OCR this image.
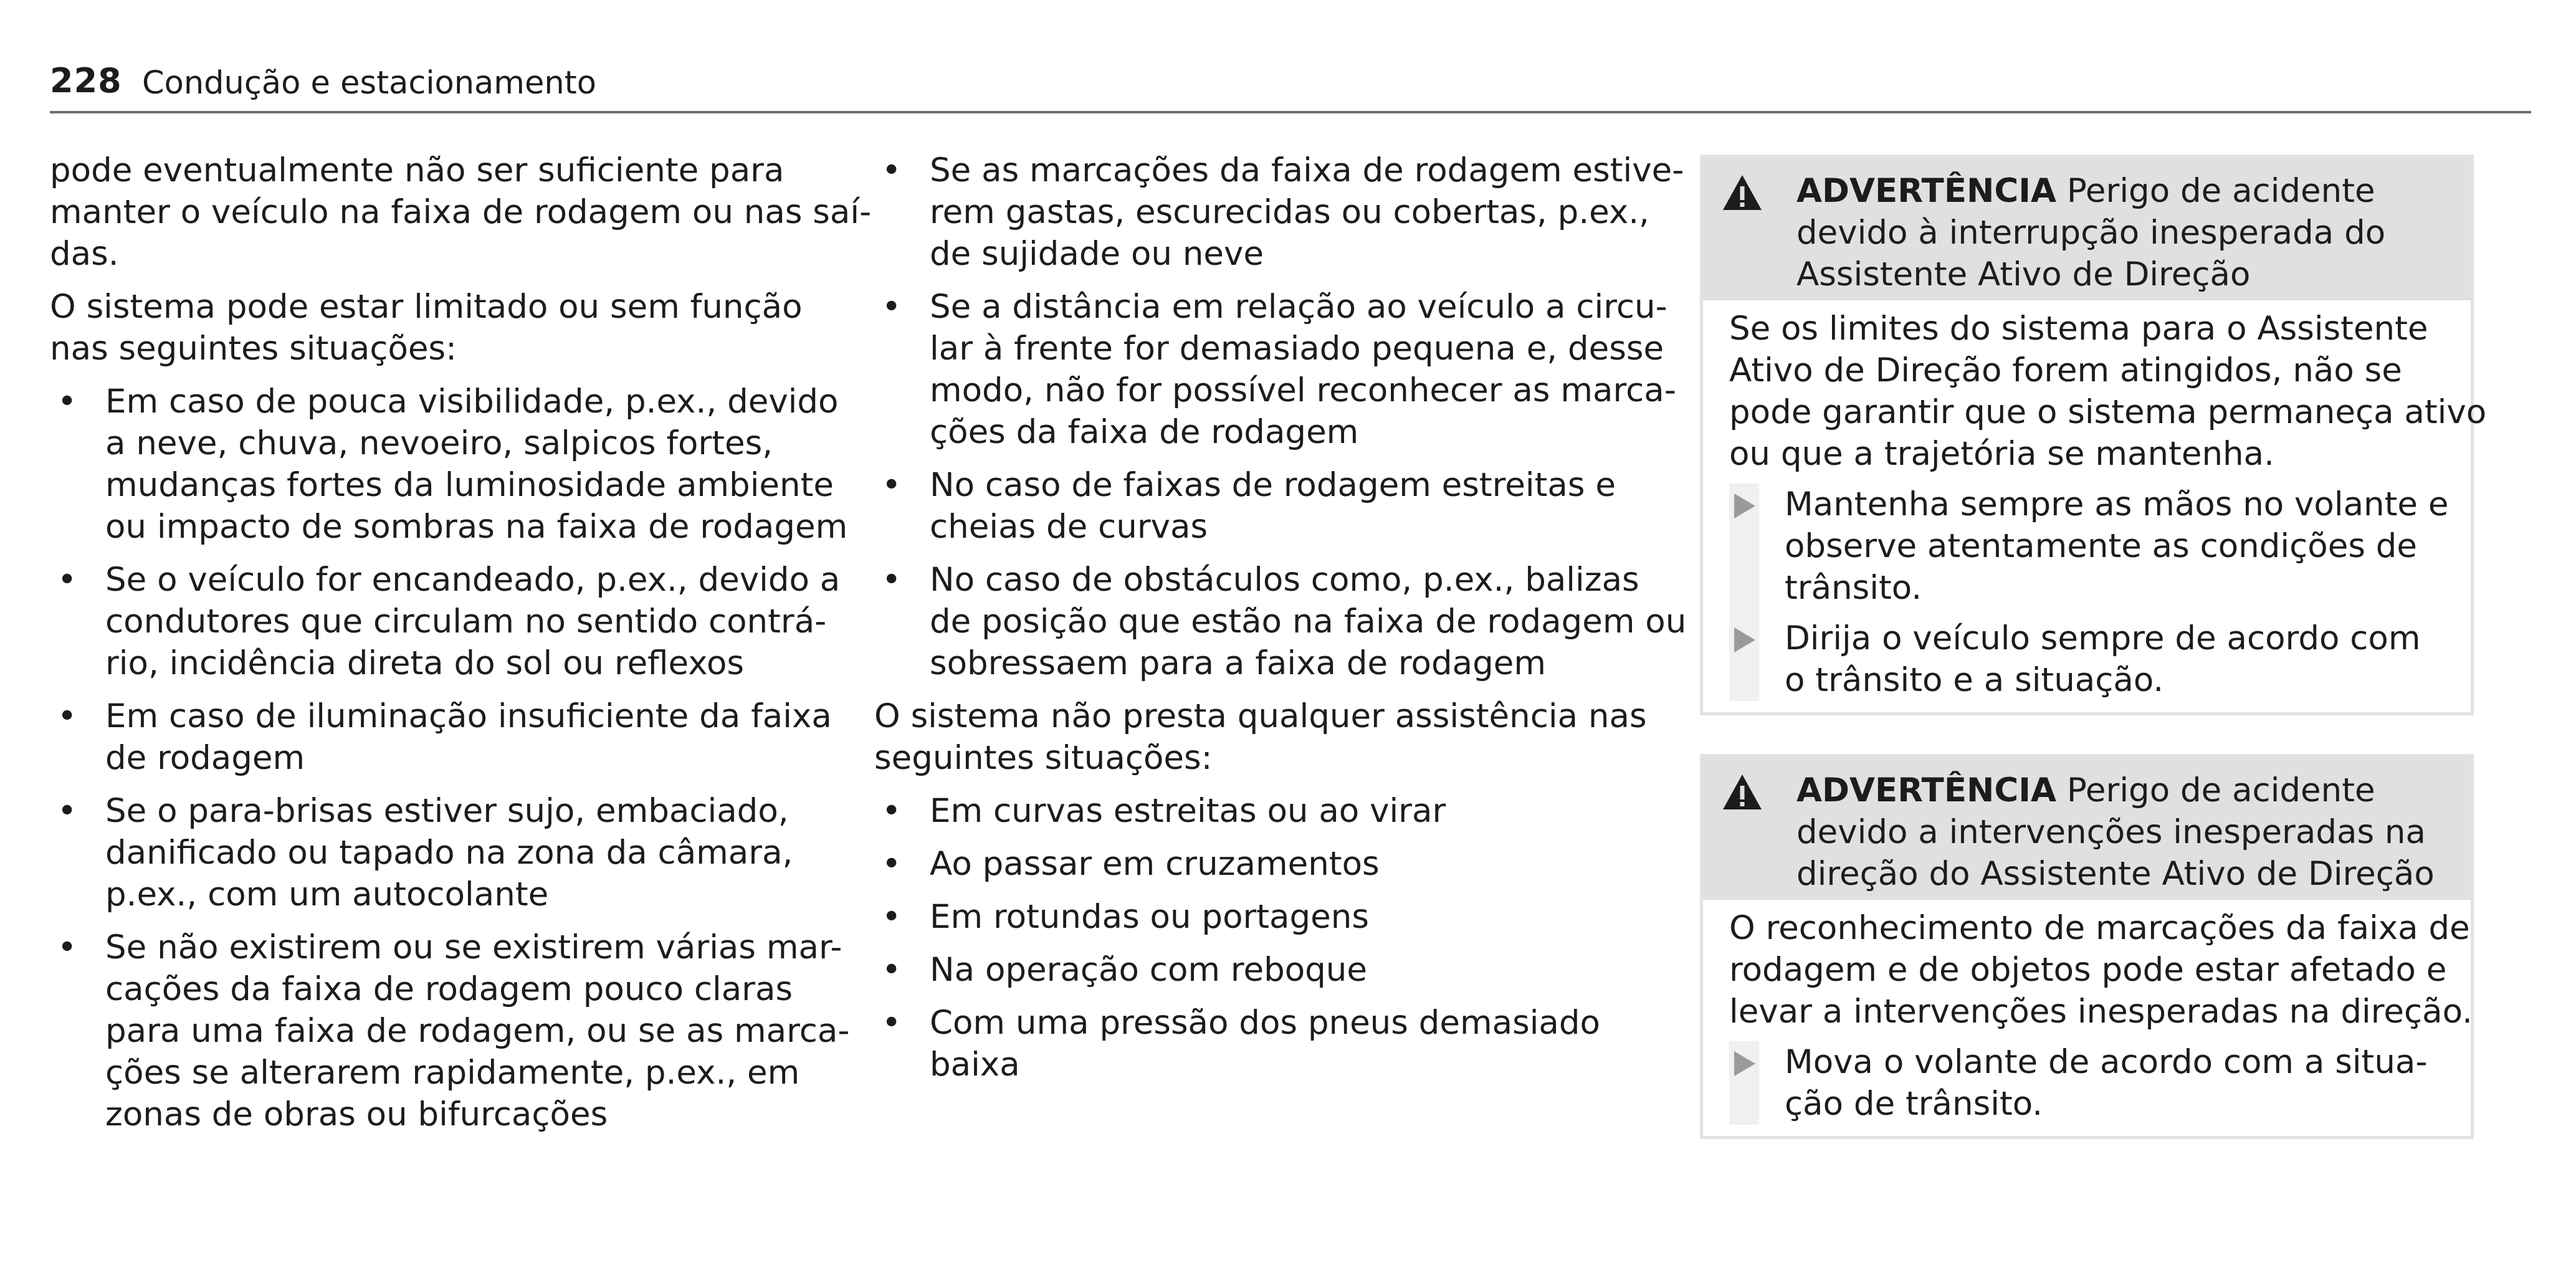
228 Condução e estacionamento

pode eventualmente não ser suficiente para
manter o veículo na faixa de rodagem ou nas saí-
das.

O sistema pode estar limitado ou sem função
nas seguintes situações:

• Em caso de pouca visibilidade, p.ex., devido
a neve, chuva, nevoeiro, salpicos fortes,
mudanças fortes da luminosidade ambiente
ou impacto de sombras na faixa de rodagem
• Se o veículo for encandeado, p.ex., devido a
condutores que circulam no sentido contrá-
rio, incidência direta do sol ou reflexos
• Em caso de iluminação insuficiente da faixa
de rodagem
• Se o para-brisas estiver sujo, embaciado,
danificado ou tapado na zona da câmara,
p.ex., com um autocolante
• Se não existirem ou se existirem várias mar-
cações da faixa de rodagem pouco claras
para uma faixa de rodagem, ou se as marca-
ções se alterarem rapidamente, p.ex., em
zonas de obras ou bifurcações
• Se as marcações da faixa de rodagem estive-
rem gastas, escurecidas ou cobertas, p.ex.,
de sujidade ou neve
• Se a distância em relação ao veículo a circu-
lar à frente for demasiado pequena e, desse
modo, não for possível reconhecer as marca-
ções da faixa de rodagem
• No caso de faixas de rodagem estreitas e
cheias de curvas
• No caso de obstáculos como, p.ex., balizas
de posição que estão na faixa de rodagem ou
sobressaem para a faixa de rodagem

O sistema não presta qualquer assistência nas
seguintes situações:

• Em curvas estreitas ou ao virar
• Ao passar em cruzamentos
• Em rotundas ou portagens
• Na operação com reboque
• Com uma pressão dos pneus demasiado
baixa
ADVERTÊNCIA Perigo de acidente
devido à interrupção inesperada do
Assistente Ativo de Direção

Se os limites do sistema para o Assistente
Ativo de Direção forem atingidos, não se
pode garantir que o sistema permaneça ativo
ou que a trajetória se mantenha.

Mantenha sempre as mãos no volante e
observe atentamente as condições de
trânsito.
Dirija o veículo sempre de acordo com
o trânsito e a situação.
ADVERTÊNCIA Perigo de acidente
devido a intervenções inesperadas na
direção do Assistente Ativo de Direção

O reconhecimento de marcações da faixa de
rodagem e de objetos pode estar afetado e
levar a intervenções inesperadas na direção.

Mova o volante de acordo com a situa-
ção de trânsito.
